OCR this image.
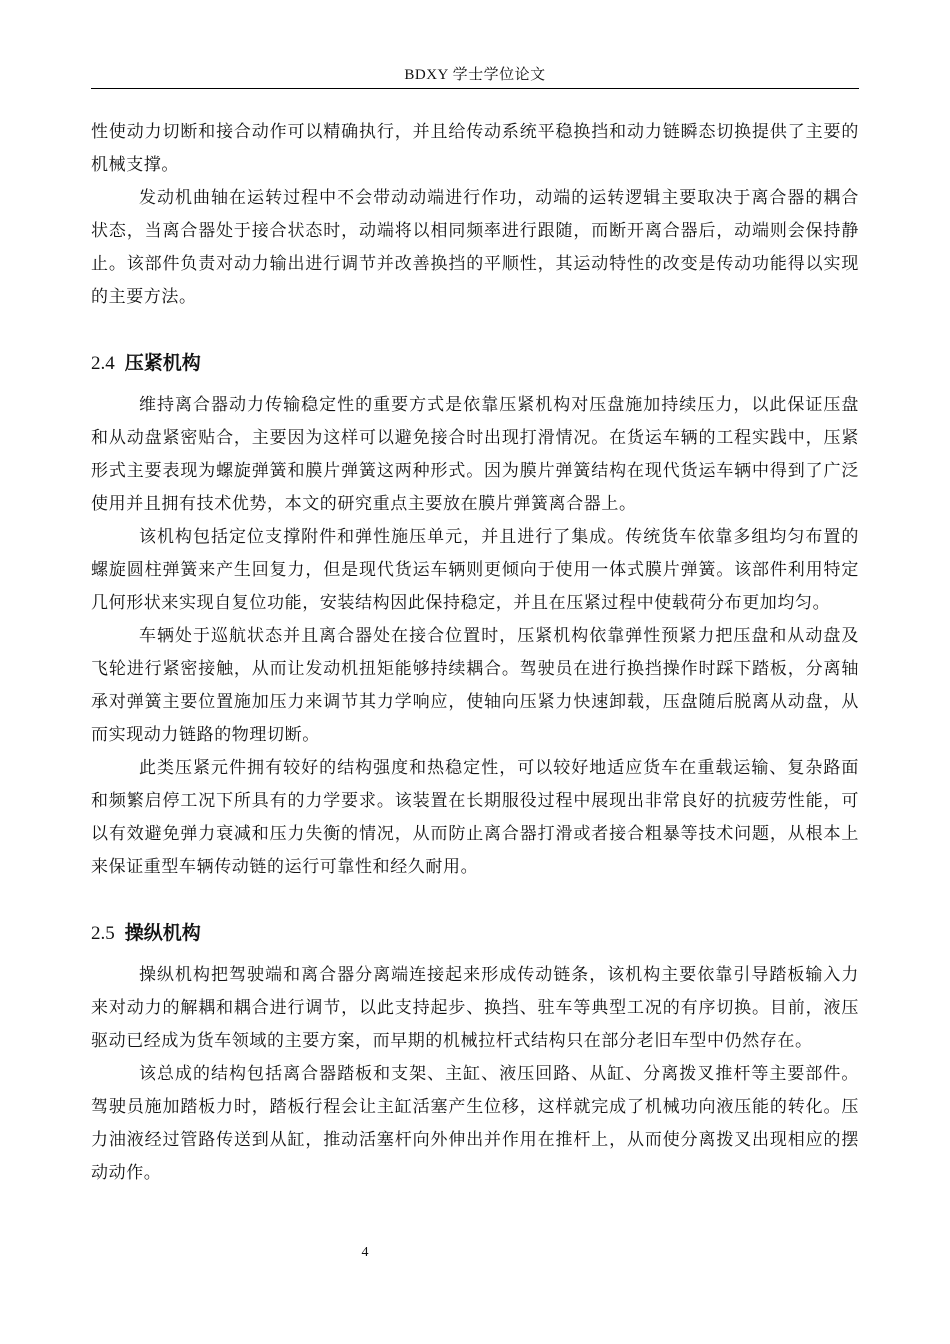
BDXY 学士学位论文

性使动力切断和接合动作可以精确执行，并且给传动系统平稳换挡和动力链瞬态切换提供了主要的机械支撑。

发动机曲轴在运转过程中不会带动动端进行作功，动端的运转逻辑主要取决于离合器的耦合状态，当离合器处于接合状态时，动端将以相同频率进行跟随，而断开离合器后，动端则会保持静止。该部件负责对动力输出进行调节并改善换挡的平顺性，其运动特性的改变是传动功能得以实现的主要方法。

2.4 压紧机构

维持离合器动力传输稳定性的重要方式是依靠压紧机构对压盘施加持续压力，以此保证压盘和从动盘紧密贴合，主要因为这样可以避免接合时出现打滑情况。在货运车辆的工程实践中，压紧形式主要表现为螺旋弹簧和膜片弹簧这两种形式。因为膜片弹簧结构在现代货运车辆中得到了广泛使用并且拥有技术优势，本文的研究重点主要放在膜片弹簧离合器上。

该机构包括定位支撑附件和弹性施压单元，并且进行了集成。传统货车依靠多组均匀布置的螺旋圆柱弹簧来产生回复力，但是现代货运车辆则更倾向于使用一体式膜片弹簧。该部件利用特定几何形状来实现自复位功能，安装结构因此保持稳定，并且在压紧过程中使载荷分布更加均匀。

车辆处于巡航状态并且离合器处在接合位置时，压紧机构依靠弹性预紧力把压盘和从动盘及飞轮进行紧密接触，从而让发动机扭矩能够持续耦合。驾驶员在进行换挡操作时踩下踏板，分离轴承对弹簧主要位置施加压力来调节其力学响应，使轴向压紧力快速卸载，压盘随后脱离从动盘，从而实现动力链路的物理切断。

此类压紧元件拥有较好的结构强度和热稳定性，可以较好地适应货车在重载运输、复杂路面和频繁启停工况下所具有的力学要求。该装置在长期服役过程中展现出非常良好的抗疲劳性能，可以有效避免弹力衰减和压力失衡的情况，从而防止离合器打滑或者接合粗暴等技术问题，从根本上来保证重型车辆传动链的运行可靠性和经久耐用。

2.5 操纵机构

操纵机构把驾驶端和离合器分离端连接起来形成传动链条，该机构主要依靠引导踏板输入力来对动力的解耦和耦合进行调节，以此支持起步、换挡、驻车等典型工况的有序切换。目前，液压驱动已经成为货车领域的主要方案，而早期的机械拉杆式结构只在部分老旧车型中仍然存在。

该总成的结构包括离合器踏板和支架、主缸、液压回路、从缸、分离拨叉推杆等主要部件。驾驶员施加踏板力时，踏板行程会让主缸活塞产生位移，这样就完成了机械功向液压能的转化。压力油液经过管路传送到从缸，推动活塞杆向外伸出并作用在推杆上，从而使分离拨叉出现相应的摆动动作。

4
